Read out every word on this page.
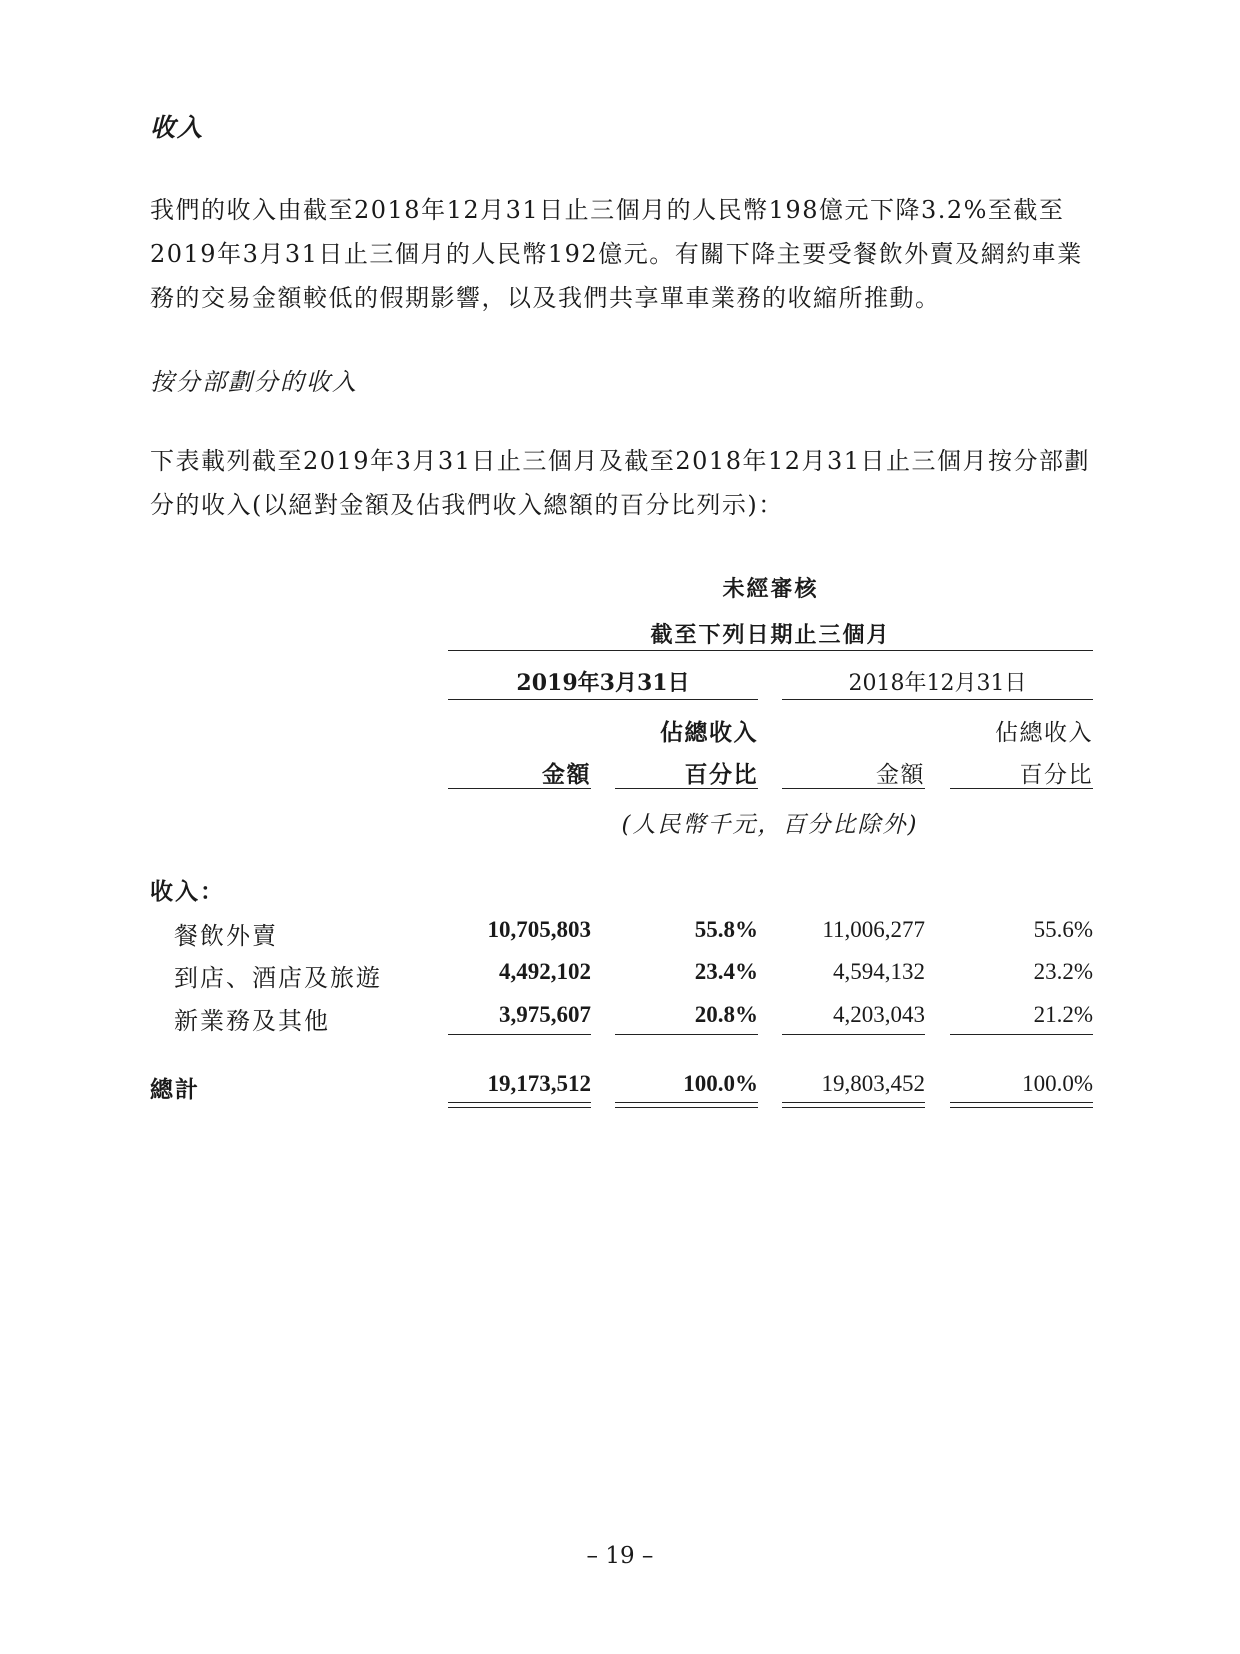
收入

我們的收入由截至2018年12月31日止三個月的人民幣198億元下降3.2%至截至2019年3月31日止三個月的人民幣192億元。有關下降主要受餐飲外賣及網約車業務的交易金額較低的假期影響，以及我們共享單車業務的收縮所推動。

按分部劃分的收入

下表載列截至2019年3月31日止三個月及截至2018年12月31日止三個月按分部劃分的收入(以絕對金額及佔我們收入總額的百分比列示)：

未經審核
截至下列日期止三個月
2019年3月31日	2018年12月31日
佔總收入	佔總收入
金額	百分比	金額	百分比
(人民幣千元，百分比除外)
收入：
餐飲外賣	10,705,803	55.8%	11,006,277	55.6%
到店、酒店及旅遊	4,492,102	23.4%	4,594,132	23.2%
新業務及其他	3,975,607	20.8%	4,203,043	21.2%
總計	19,173,512	100.0%	19,803,452	100.0%
– 19 –
